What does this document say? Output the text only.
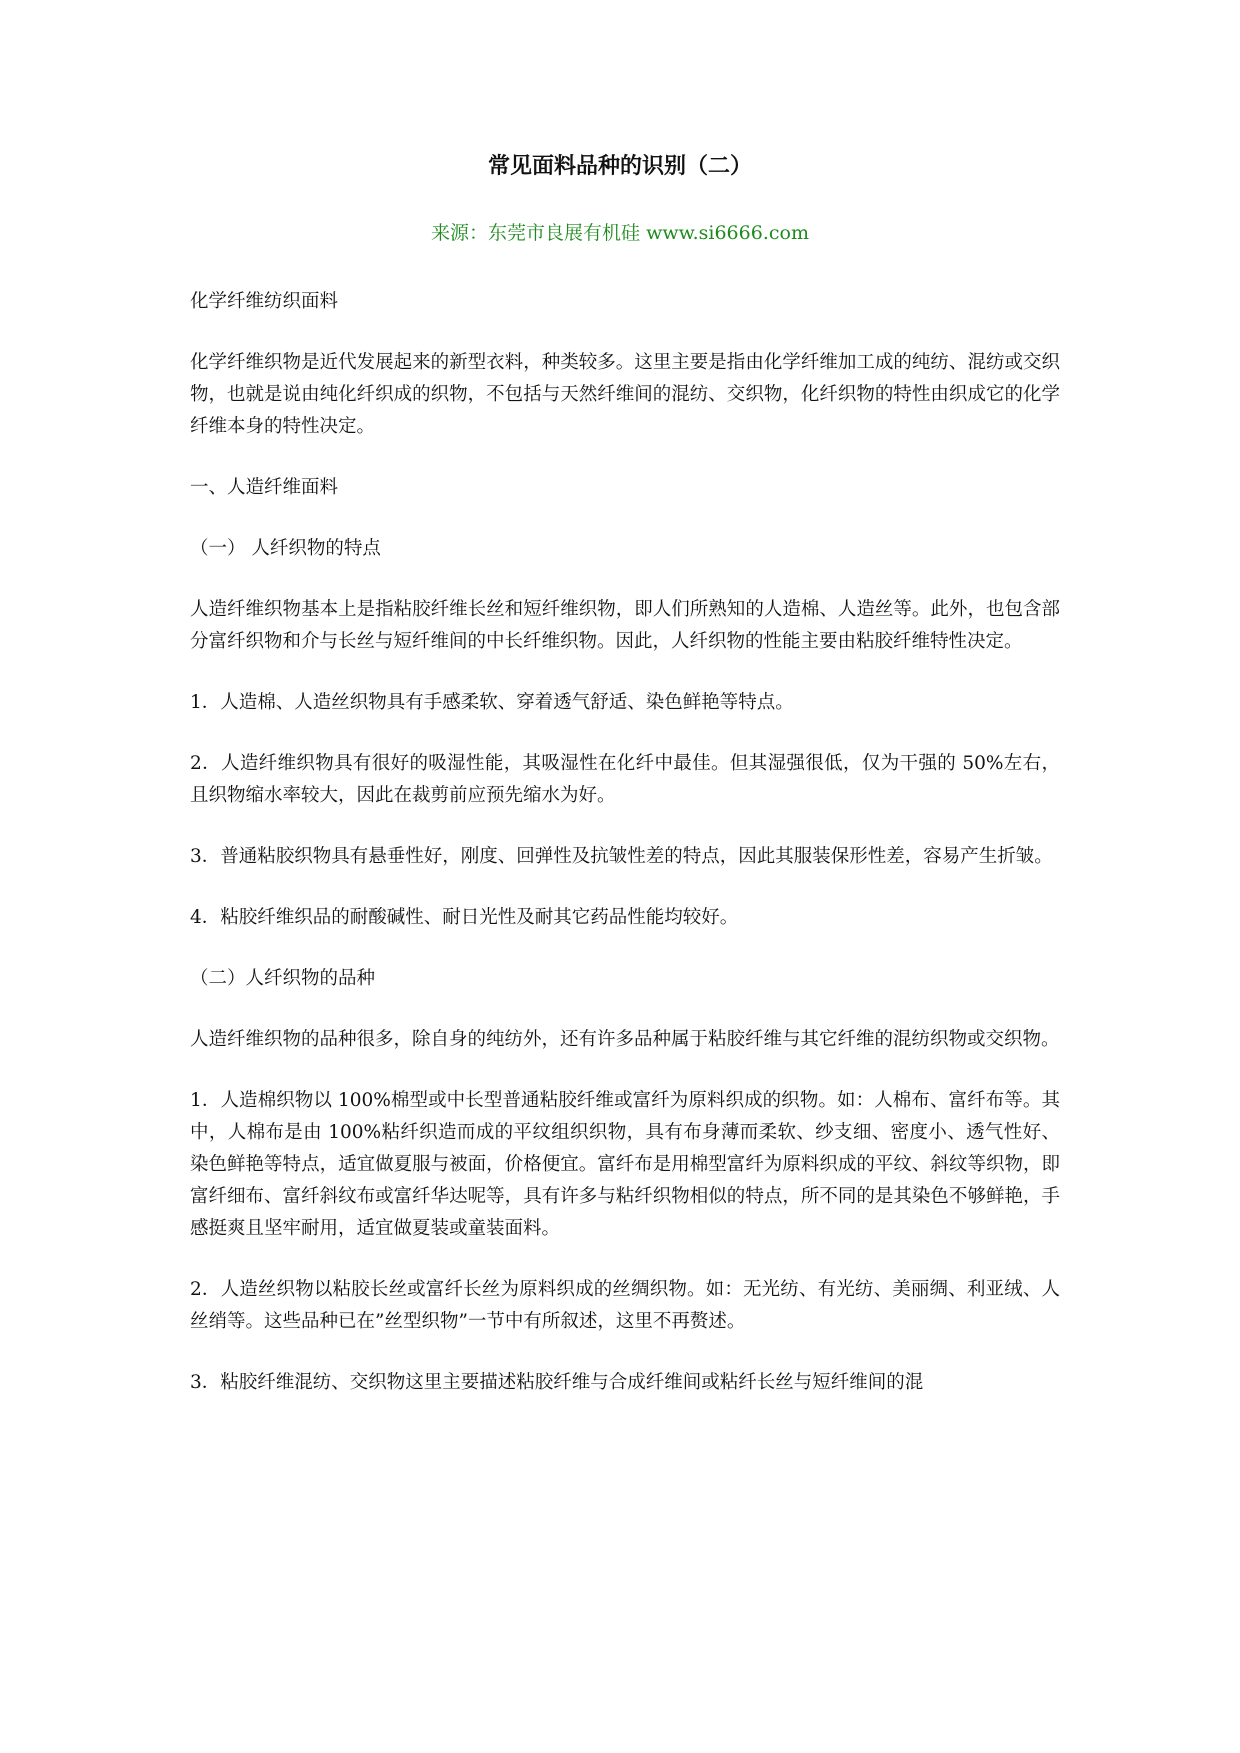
常见面料品种的识别（二）
来源：东莞市良展有机硅 www.si6666.com

化学纤维纺织面料

化学纤维织物是近代发展起来的新型衣料，种类较多。这里主要是指由化学纤维加工成的纯纺、混纺或交织物，也就是说由纯化纤织成的织物，不包括与天然纤维间的混纺、交织物，化纤织物的特性由织成它的化学纤维本身的特性决定。

一、人造纤维面料

（一） 人纤织物的特点

人造纤维织物基本上是指粘胶纤维长丝和短纤维织物，即人们所熟知的人造棉、人造丝等。此外，也包含部分富纤织物和介与长丝与短纤维间的中长纤维织物。因此，人纤织物的性能主要由粘胶纤维特性决定。

1．人造棉、人造丝织物具有手感柔软、穿着透气舒适、染色鲜艳等特点。

2．人造纤维织物具有很好的吸湿性能，其吸湿性在化纤中最佳。但其湿强很低，仅为干强的 50%左右，且织物缩水率较大，因此在裁剪前应预先缩水为好。

3．普通粘胶织物具有悬垂性好，刚度、回弹性及抗皱性差的特点，因此其服装保形性差，容易产生折皱。

4．粘胶纤维织品的耐酸碱性、耐日光性及耐其它药品性能均较好。

（二）人纤织物的品种

人造纤维织物的品种很多，除自身的纯纺外，还有许多品种属于粘胶纤维与其它纤维的混纺织物或交织物。

1．人造棉织物以 100%棉型或中长型普通粘胶纤维或富纤为原料织成的织物。如：人棉布、富纤布等。其中，人棉布是由 100%粘纤织造而成的平纹组织织物，具有布身薄而柔软、纱支细、密度小、透气性好、染色鲜艳等特点，适宜做夏服与被面，价格便宜。富纤布是用棉型富纤为原料织成的平纹、斜纹等织物，即富纤细布、富纤斜纹布或富纤华达呢等，具有许多与粘纤织物相似的特点，所不同的是其染色不够鲜艳，手感挺爽且坚牢耐用，适宜做夏装或童装面料。

2．人造丝织物以粘胶长丝或富纤长丝为原料织成的丝绸织物。如：无光纺、有光纺、美丽绸、利亚绒、人丝绡等。这些品种已在”丝型织物”一节中有所叙述，这里不再赘述。

3．粘胶纤维混纺、交织物这里主要描述粘胶纤维与合成纤维间或粘纤长丝与短纤维间的混
